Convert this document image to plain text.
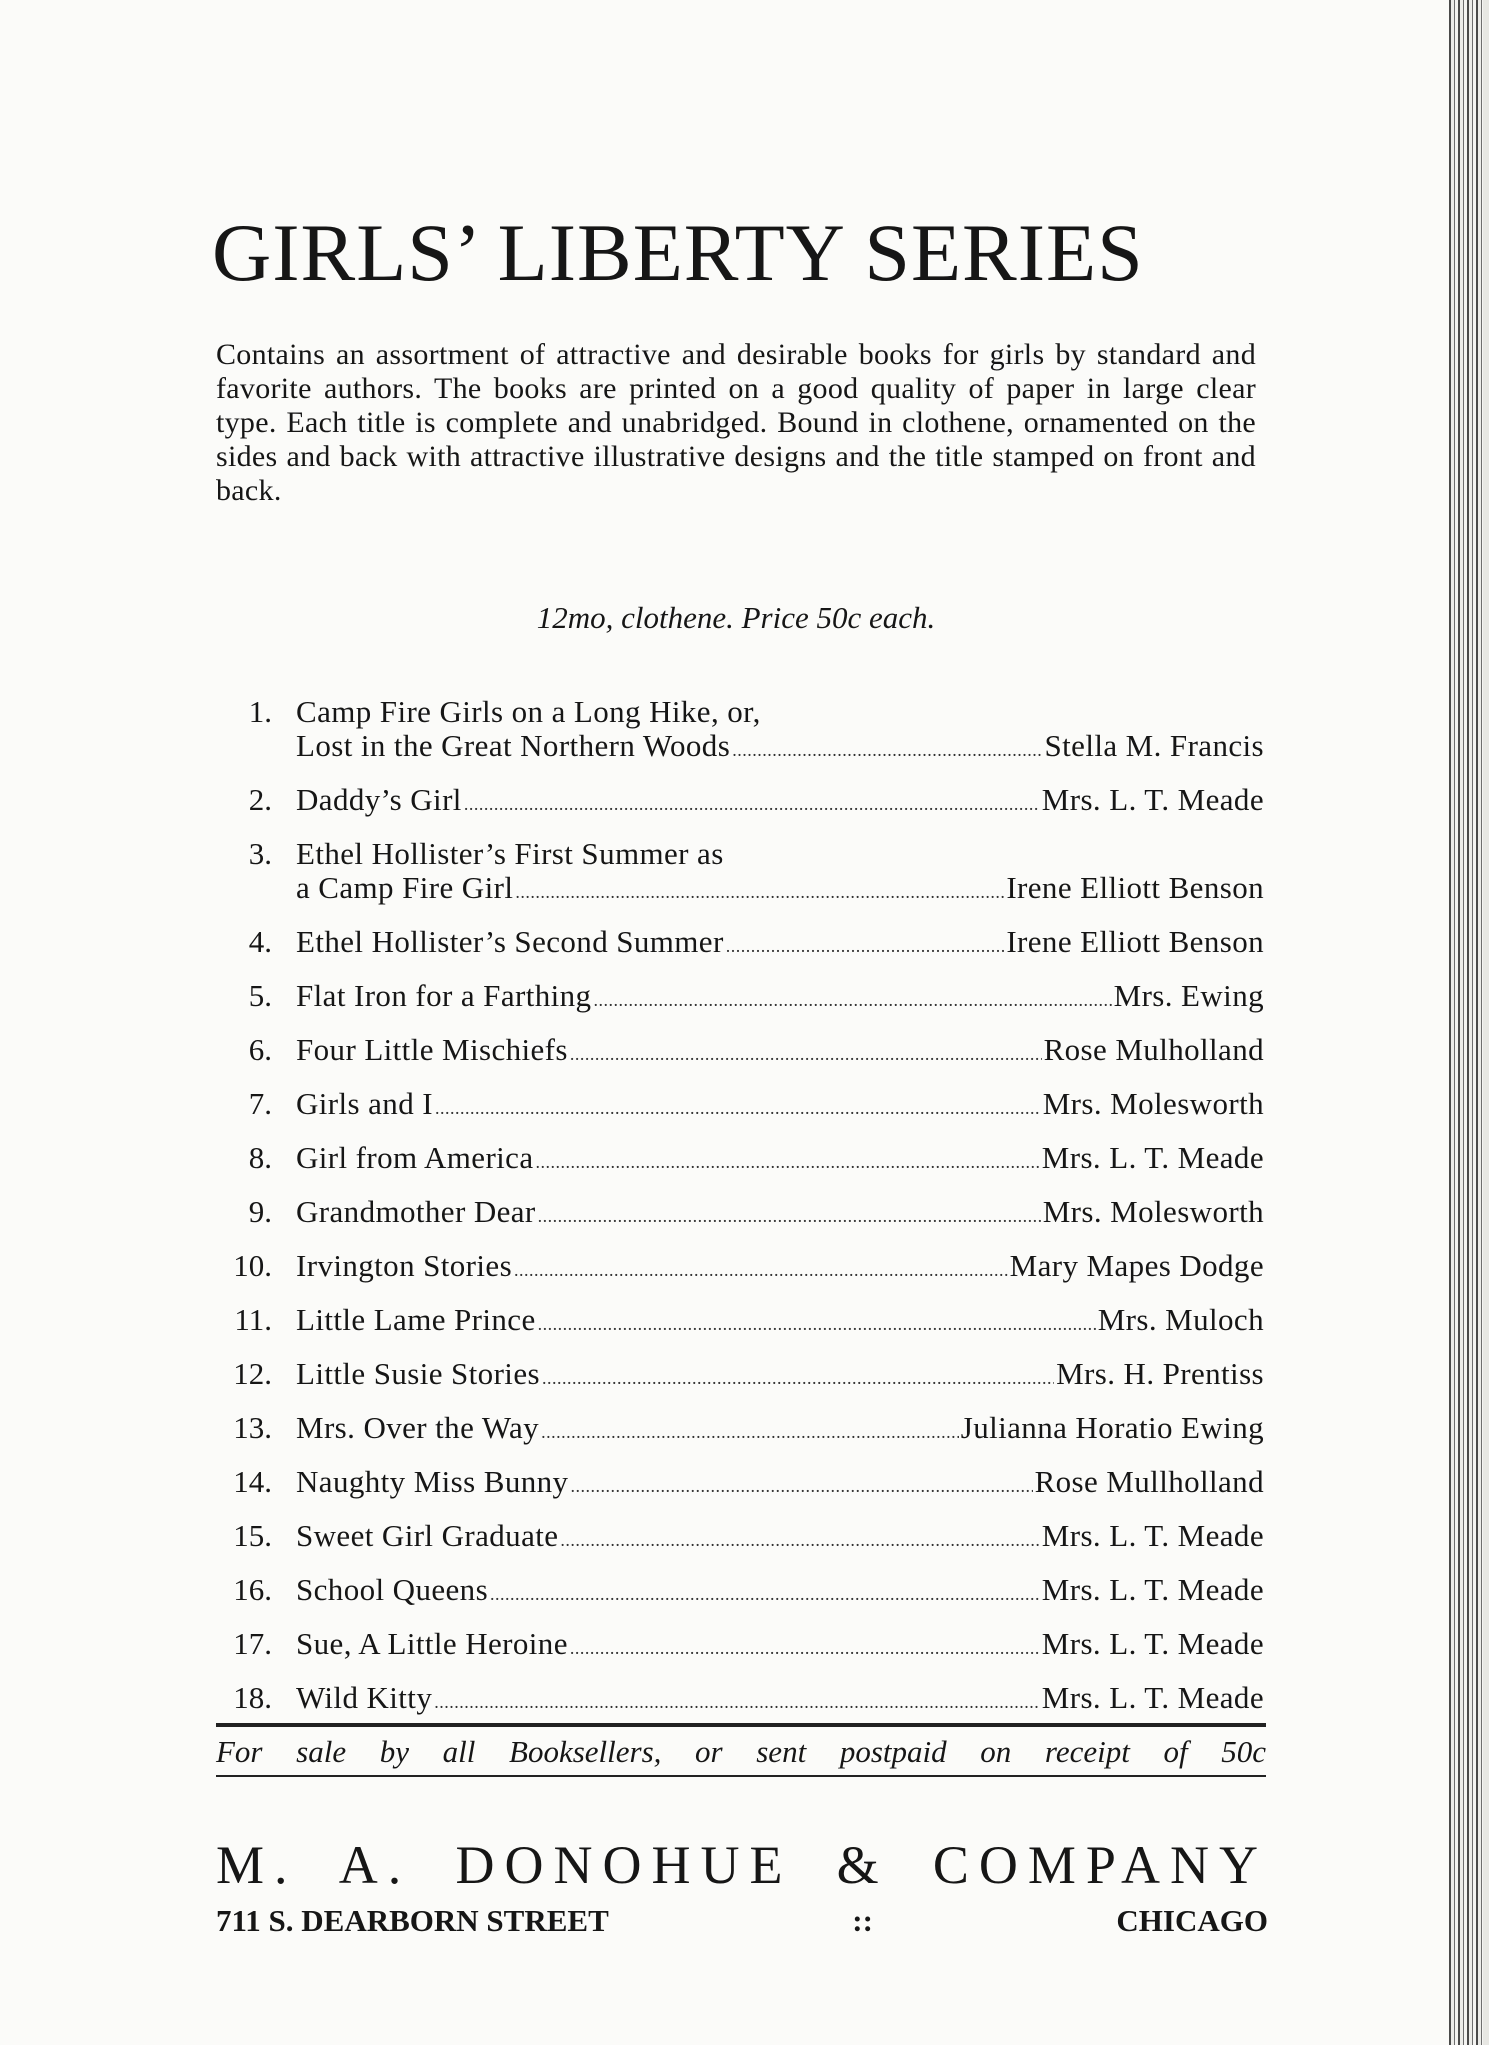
GIRLS’ LIBERTY SERIES

Contains an assortment of attractive and desirable books for girls by standard and favorite authors. The books are printed on a good quality of paper in large clear type. Each title is complete and unabridged. Bound in clothene, ornamented on the sides and back with attractive illustrative designs and the title stamped on front and back.

12mo, clothene. Price 50c each.

1. Camp Fire Girls on a Long Hike, or,
Lost in the Great Northern Woods .....	Stella M. Francis
2. Daddy’s Girl .....	Mrs. L. T. Meade
3. Ethel Hollister’s First Summer as
a Camp Fire Girl .....	Irene Elliott Benson
4. Ethel Hollister’s Second Summer .....	Irene Elliott Benson
5. Flat Iron for a Farthing .....	Mrs. Ewing
6. Four Little Mischiefs .....	Rose Mulholland
7. Girls and I .....	Mrs. Molesworth
8. Girl from America .....	Mrs. L. T. Meade
9. Grandmother Dear .....	Mrs. Molesworth
10. Irvington Stories .....	Mary Mapes Dodge
11. Little Lame Prince .....	Mrs. Muloch
12. Little Susie Stories .....	Mrs. H. Prentiss
13. Mrs. Over the Way .....	Julianna Horatio Ewing
14. Naughty Miss Bunny .....	Rose Mullholland
15. Sweet Girl Graduate .....	Mrs. L. T. Meade
16. School Queens .....	Mrs. L. T. Meade
17. Sue, A Little Heroine .....	Mrs. L. T. Meade
18. Wild Kitty .....	Mrs. L. T. Meade

For sale by all Booksellers, or sent postpaid on receipt of 50c

M. A. DONOHUE & COMPANY
711 S. DEARBORN STREET	::	CHICAGO
